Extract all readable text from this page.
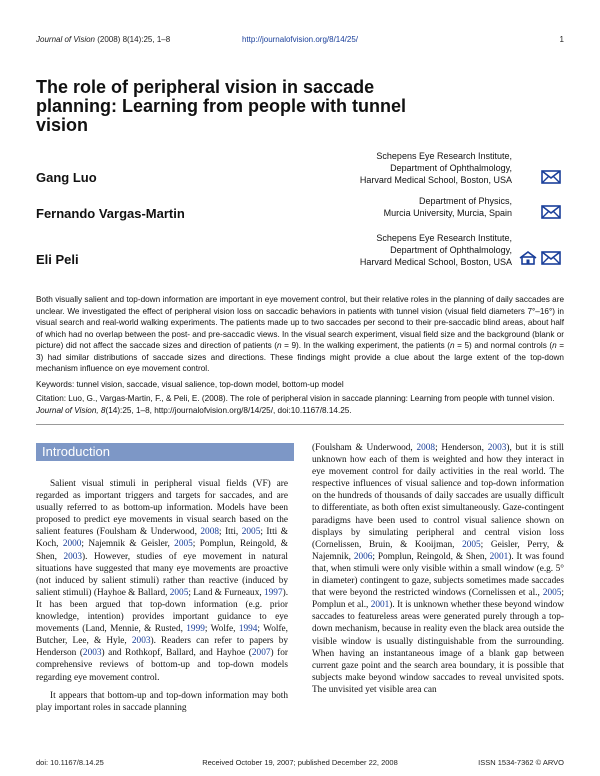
Journal of Vision (2008) 8(14):25, 1–8	http://journalofvision.org/8/14/25/	1
The role of peripheral vision in saccade planning: Learning from people with tunnel vision
Gang Luo
Schepens Eye Research Institute,
Department of Ophthalmology,
Harvard Medical School, Boston, USA
Fernando Vargas-Martin
Department of Physics,
Murcia University, Murcia, Spain
Eli Peli
Schepens Eye Research Institute,
Department of Ophthalmology,
Harvard Medical School, Boston, USA

Both visually salient and top-down information are important in eye movement control, but their relative roles in the planning of daily saccades are unclear. We investigated the effect of peripheral vision loss on saccadic behaviors in patients with tunnel vision (visual field diameters 7°–16°) in visual search and real-world walking experiments. The patients made up to two saccades per second to their pre-saccadic blind areas, about half of which had no overlap between the post- and pre-saccadic views. In the visual search experiment, visual field size and the background (blank or picture) did not affect the saccade sizes and direction of patients (n = 9). In the walking experiment, the patients (n = 5) and normal controls (n = 3) had similar distributions of saccade sizes and directions. These findings might provide a clue about the large extent of the top-down mechanism influence on eye movement control.

Keywords: tunnel vision, saccade, visual salience, top-down model, bottom-up model
Citation: Luo, G., Vargas-Martin, F., & Peli, E. (2008). The role of peripheral vision in saccade planning: Learning from people with tunnel vision. Journal of Vision, 8(14):25, 1–8, http://journalofvision.org/8/14/25/, doi:10.1167/8.14.25.
Introduction

Salient visual stimuli in peripheral visual fields (VF) are regarded as important triggers and targets for saccades, and are usually referred to as bottom-up information. Models have been proposed to predict eye movements in visual search based on the salient features (Foulsham & Underwood, 2008; Itti, 2005; Itti & Koch, 2000; Najemnik & Geisler, 2005; Pomplun, Reingold, & Shen, 2003). However, studies of eye movement in natural situations have suggested that many eye movements are proactive (not induced by salient stimuli) rather than reactive (induced by salient stimuli) (Hayhoe & Ballard, 2005; Land & Furneaux, 1997). It has been argued that top-down information (e.g. prior knowledge, intention) provides important guidance to eye movements (Land, Mennie, & Rusted, 1999; Wolfe, 1994; Wolfe, Butcher, Lee, & Hyle, 2003). Readers can refer to papers by Henderson (2003) and Rothkopf, Ballard, and Hayhoe (2007) for comprehensive reviews of bottom-up and top-down models regarding eye movement control.

It appears that bottom-up and top-down information may both play important roles in saccade planning

(Foulsham & Underwood, 2008; Henderson, 2003), but it is still unknown how each of them is weighted and how they interact in eye movement control for daily activities in the real world. The respective influences of visual salience and top-down information on the hundreds of thousands of daily saccades are usually difficult to differentiate, as both often exist simultaneously. Gaze-contingent paradigms have been used to control visual salience shown on displays by simulating peripheral and central vision loss (Cornelissen, Bruin, & Kooijman, 2005; Geisler, Perry, & Najemnik, 2006; Pomplun, Reingold, & Shen, 2001). It was found that, when stimuli were only visible within a small window (e.g. 5° in diameter) contingent to gaze, subjects sometimes made saccades that were beyond the restricted windows (Cornelissen et al., 2005; Pomplun et al., 2001). It is unknown whether these beyond window saccades to featureless areas were generated purely through a top-down mechanism, because in reality even the black area outside the visible window is usually distinguishable from the surrounding. When having an instantaneous image of a blank gap between current gaze point and the search area boundary, it is possible that subjects make beyond window saccades to reveal unvisited spots. The unvisited yet visible area can

doi: 10.1167/8.14.25	Received October 19, 2007; published December 22, 2008	ISSN 1534-7362 © ARVO
